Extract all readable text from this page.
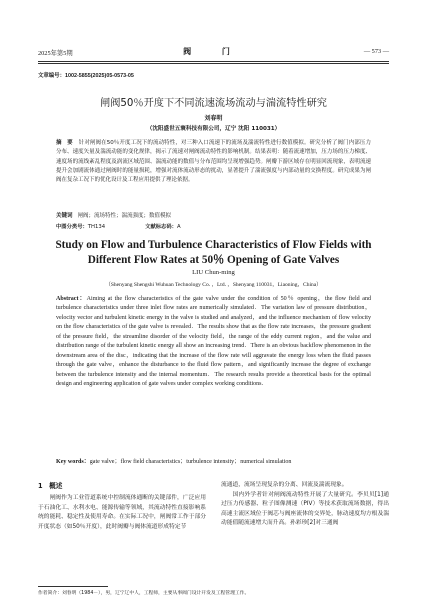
2025年第5期	阀 门	— 573 —
文章编号：1002-5855(2025)05-0573-05
闸阀50％开度下不同流速流场流动与湍流特性研究
刘春明
（沈阳盛世五寰科技有限公司，辽宁 沈阳 110031）
摘　要 针对闸阀在50％开度工况下的流动特性，对三种入口流速下的流场及湍流特性进行数值模拟。研究分析了阀门内部压力分布、速度矢量及湍流动能的变化规律，揭示了流速对闸阀流动特性的影响机制。结果表明：随着流速增加，压力场的压力梯度、速度场的流线紊乱程度及涡流区域范围、湍流动能的数值与分布范围均呈现增强趋势。闸瓣下游区域存在明显回流现象，表明流速提升会加剧流体通过闸阀时的能量损耗，增强对流体流动形态的扰动，显著提升了湍流强度与内部动量的交换程度。研究成果为闸阀在复杂工况下的优化设计及工程应用提供了理论依据。
关键词 闸阀；流场特性；湍流强度；数值模拟
中图分类号：TH134	文献标志码：A
Study on Flow and Turbulence Characteristics of Flow Fields with
Different Flow Rates at 50％ Opening of Gate Valves
LIU Chun-ming
（Shenyang Shengshi Wuhuan Technology Co．，Ltd．，Shenyang 110031，Liaoning，China）
Abstract：Aiming at the flow characteristics of the gate valve under the condition of 50％ opening，the flow field and turbulence characteristics under three inlet flow rates are numerically simulated．The variation law of pressure distribution，velocity vector and turbulent kinetic energy in the valve is studied and analyzed，and the influence mechanism of flow velocity on the flow characteristics of the gate valve is revealed．The results show that as the flow rate increases，the pressure gradient of the pressure field，the streamline disorder of the velocity field，the range of the eddy current region，and the value and distribution range of the turbulent kinetic energy all show an increasing trend．There is an obvious backflow phenomenon in the downstream area of the disc，indicating that the increase of the flow rate will aggravate the energy loss when the fluid passes through the gate valve，enhance the disturbance to the fluid flow pattern，and significantly increase the degree of exchange between the turbulence intensity and the internal momentum．The research results provide a theoretical basis for the optimal design and engineering application of gate valves under complex working conditions．
Key words：gate valve；flow field characteristics；turbulence intensity；numerical simulation
1　概述

闸阀作为工业管道系统中控制流体通断的关键部件，广泛应用于石油化工、水利水电、能源传输等领域，其流动特性直接影响系统的能耗、稳定性及使用寿命。在实际工况中，闸阀常工作于部分开度状态（如50％开度），此时阀瓣与阀体流道形成特定节

流通道，流场呈现复杂的分离、回流及湍流现象。

国内外学者针对闸阀流动特性开展了大量研究。李贝贝[1]通过压力传感器、粒子图像测速（PIV）等技术获取流场数据，得出高速主流区域位于阀芯与阀座流体的交界处，脉动速度均方根及湍动能值随流速增大而升高。孙彩珍[2]对三通阀

作者简介：刘春明（1984－），男，辽宁辽中人，工程师，主要从事阀门设计开发及工程管理工作。
